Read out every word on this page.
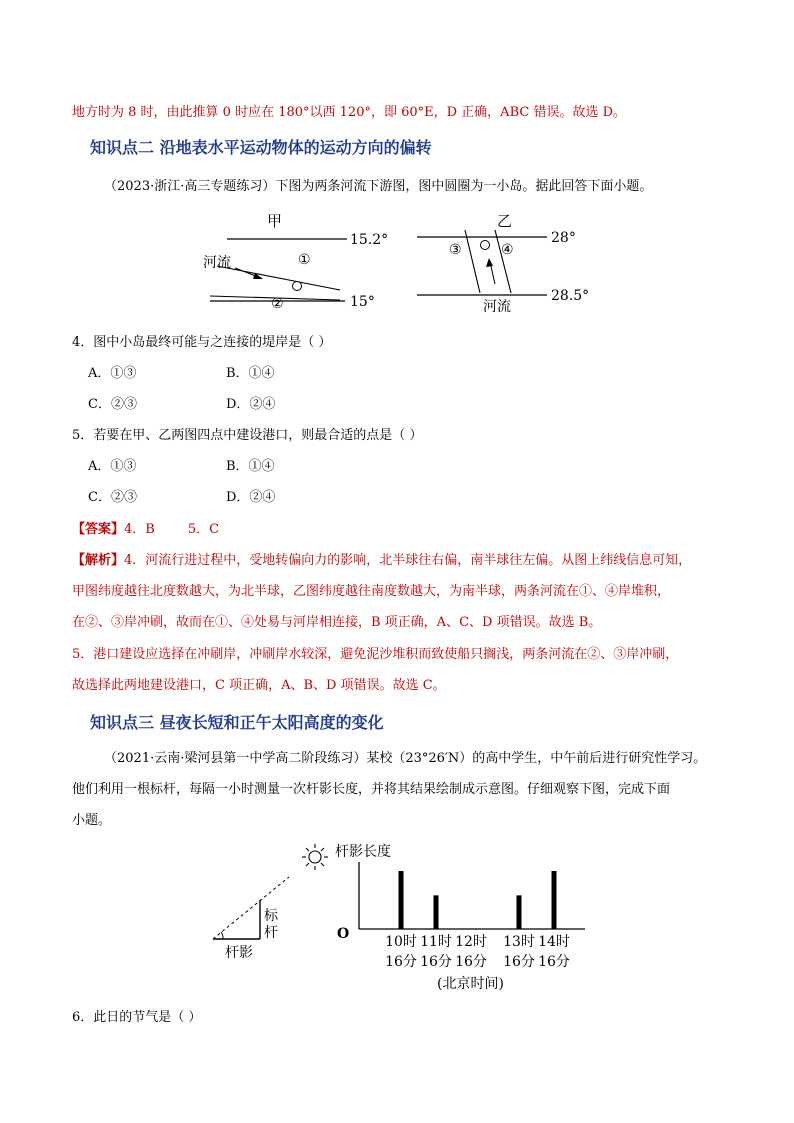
地方时为 8 时，由此推算 0 时应在 180°以西 120°，即 60°E，D 正确，ABC 错误。故选 D。
知识点二 沿地表水平运动物体的运动方向的偏转
（2023·浙江·高三专题练习）下图为两条河流下游图，图中圆圈为一小岛。据此回答下面小题。
甲
15.2°
15°
河流	①
②
乙
28°
28.5°
③	④
河流
4．图中小岛最终可能与之连接的堤岸是（ ）
A．①③	B．①④
C．②③	D．②④
5．若要在甲、乙两图四点中建设港口，则最合适的点是（ ）
A．①③	B．①④
C．②③	D．②④
【答案】4．B        5．C
【解析】4．河流行进过程中，受地转偏向力的影响，北半球往右偏，南半球往左偏。从图上纬线信息可知，
甲图纬度越往北度数越大，为北半球，乙图纬度越往南度数越大，为南半球，两条河流在①、④岸堆积，
在②、③岸冲刷，故而在①、④处易与河岸相连接，B 项正确，A、C、D 项错误。故选 B。
5．港口建设应选择在冲刷岸，冲刷岸水较深，避免泥沙堆积而致使船只搁浅，两条河流在②、③岸冲刷，
故选择此两地建设港口，C 项正确，A、B、D 项错误。故选 C。
知识点三 昼夜长短和正午太阳高度的变化
（2021·云南·梁河县第一中学高二阶段练习）某校（23°26′N）的高中学生，中午前后进行研究性学习。
他们利用一根标杆，每隔一小时测量一次杆影长度，并将其结果绘制成示意图。仔细观察下图，完成下面
小题。
标
杆
杆影
杆影长度
O	10时
16分
11时
16分
12时
16分
13时
16分
14时
16分
(北京时间)
6．此日的节气是（ ）
